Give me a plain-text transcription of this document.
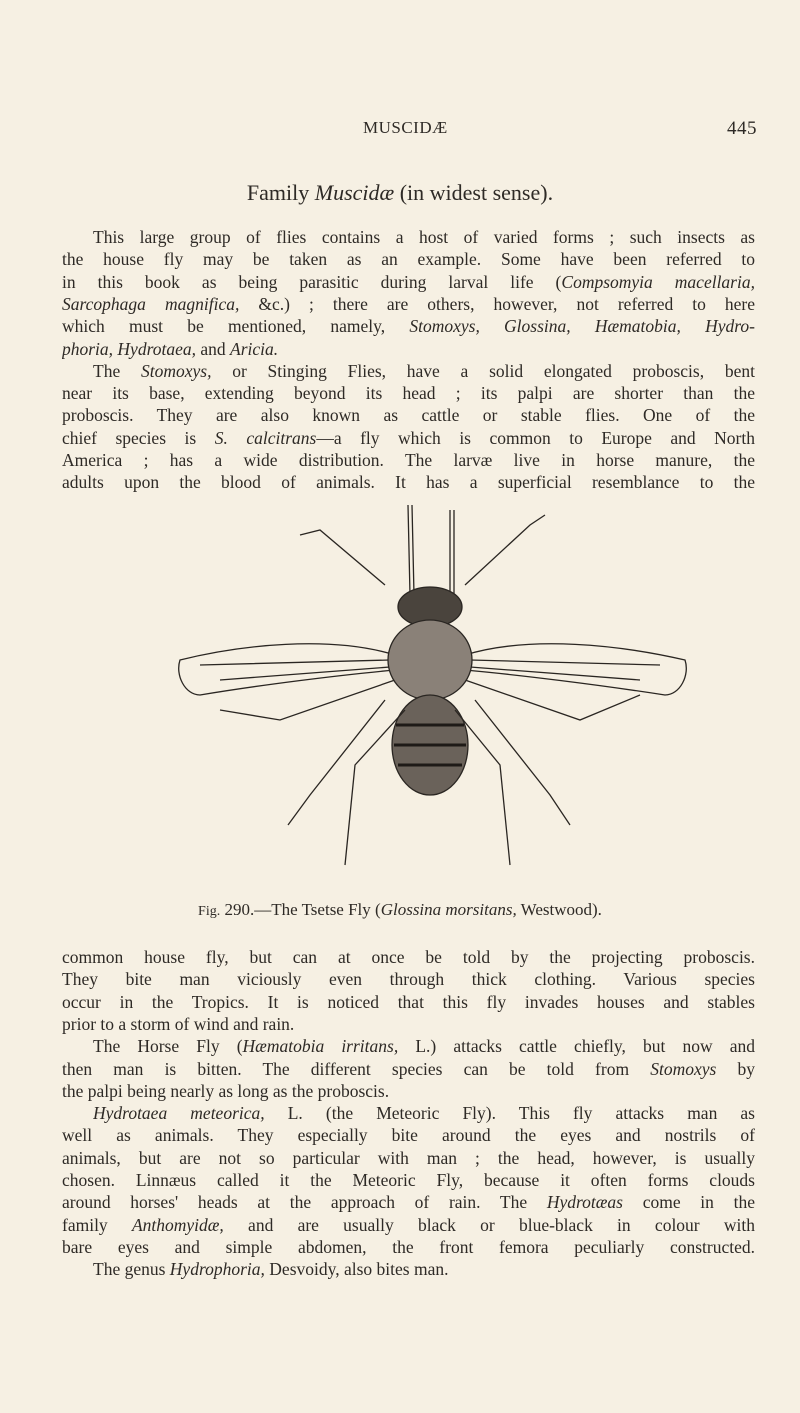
MUSCIDÆ	445
Family Muscidæ (in widest sense).
This large group of flies contains a host of varied forms ; such insects as
the house fly may be taken as an example. Some have been referred to
in this book as being parasitic during larval life (Compsomyia macellaria,
Sarcophaga magnifica, &c.) ; there are others, however, not referred to here
which must be mentioned, namely, Stomoxys, Glossina, Hæmatobia, Hydro-
phoria, Hydrotaea, and Aricia.
The Stomoxys, or Stinging Flies, have a solid elongated proboscis, bent
near its base, extending beyond its head ; its palpi are shorter than the
proboscis. They are also known as cattle or stable flies. One of the
chief species is S. calcitrans—a fly which is common to Europe and North
America ; has a wide distribution. The larvæ live in horse manure, the
adults upon the blood of animals. It has a superficial resemblance to the
Fig. 290.—The Tsetse Fly (Glossina morsitans, Westwood).
common house fly, but can at once be told by the projecting proboscis.
They bite man viciously even through thick clothing. Various species
occur in the Tropics. It is noticed that this fly invades houses and stables
prior to a storm of wind and rain.
The Horse Fly (Hæmatobia irritans, L.) attacks cattle chiefly, but now and
then man is bitten. The different species can be told from Stomoxys by
the palpi being nearly as long as the proboscis.
Hydrotaea meteorica, L. (the Meteoric Fly). This fly attacks man as
well as animals. They especially bite around the eyes and nostrils of
animals, but are not so particular with man ; the head, however, is usually
chosen. Linnæus called it the Meteoric Fly, because it often forms clouds
around horses' heads at the approach of rain. The Hydrotæas come in the
family Anthomyidæ, and are usually black or blue-black in colour with
bare eyes and simple abdomen, the front femora peculiarly constructed.
The genus Hydrophoria, Desvoidy, also bites man.
